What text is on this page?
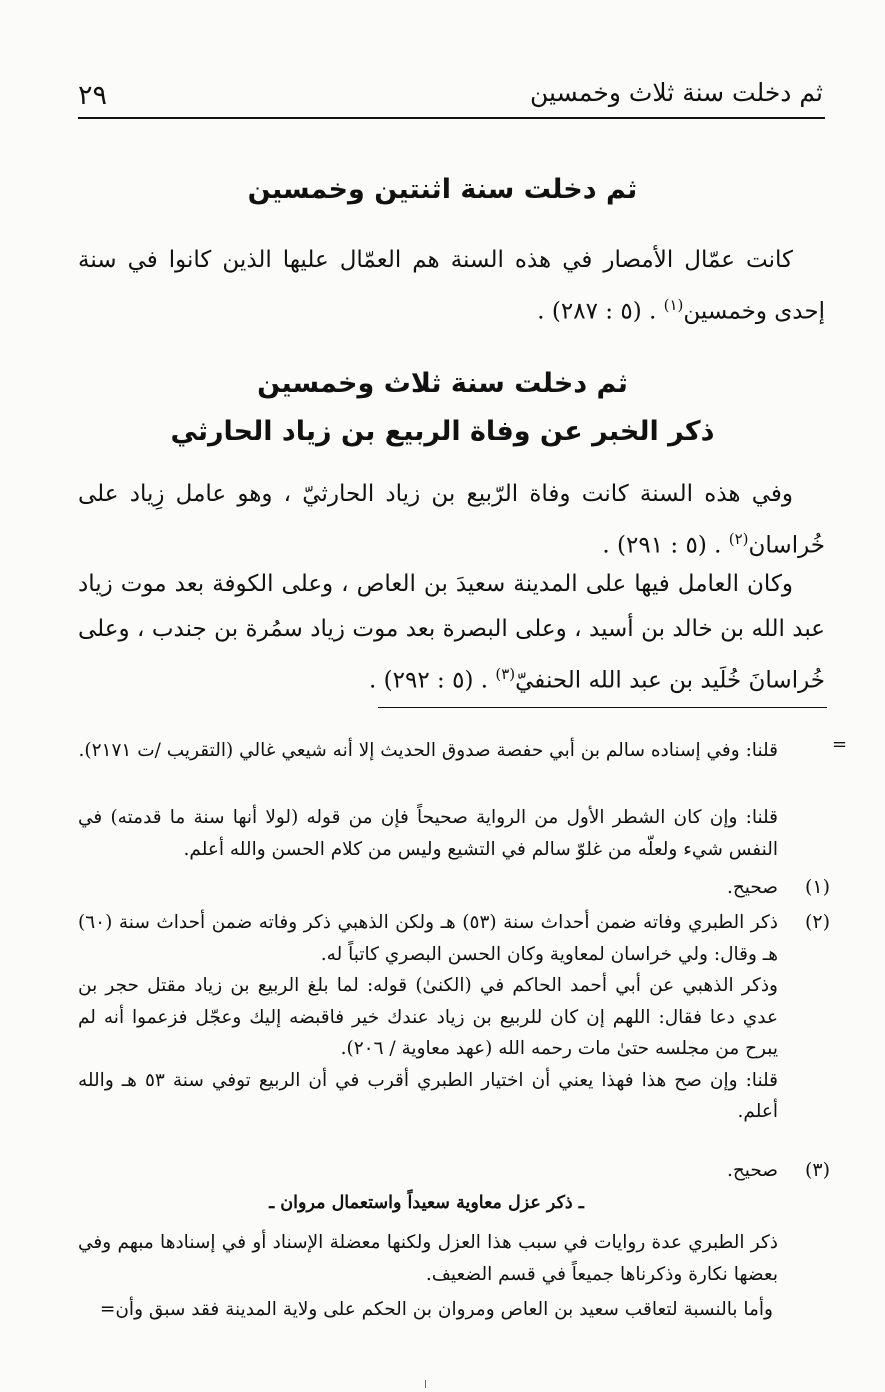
ثم دخلت سنة ثلاث وخمسين
٢٩
ثم دخلت سنة اثنتين وخمسين
كانت عمّال الأمصار في هذه السنة هم العمّال عليها الذين كانوا في سنة إحدى وخمسين$^{(١)}$ . (٥ : ٢٨٧) .
ثم دخلت سنة ثلاث وخمسين
ذكر الخبر عن وفاة الربيع بن زياد الحارثي
وفي هذه السنة كانت وفاة الرّبيع بن زياد الحارثيّ ، وهو عامل زِياد على خُراسان$^{(٢)}$ . (٥ : ٢٩١) .
وكان العامل فيها على المدينة سعيدَ بن العاص ، وعلى الكوفة بعد موت زياد عبد الله بن خالد بن أسيد ، وعلى البصرة بعد موت زياد سمُرة بن جندب ، وعلى خُراسانَ خُلَيد بن عبد الله الحنفيّ$^{(٣)}$ . (٥ : ٢٩٢) .
=
قلنا: وفي إسناده سالم بن أبي حفصة صدوق الحديث إلا أنه شيعي غالي (التقريب /ت ٢١٧١).
قلنا: وإن كان الشطر الأول من الرواية صحيحاً فإن من قوله (لولا أنها سنة ما قدمته) في النفس شيء ولعلّه من غلوّ سالم في التشيع وليس من كلام الحسن والله أعلم.
(١)
صحيح.
(٢)
ذكر الطبري وفاته ضمن أحداث سنة (٥٣) هـ ولكن الذهبي ذكر وفاته ضمن أحداث سنة (٦٠) هـ وقال: ولي خراسان لمعاوية وكان الحسن البصري كاتباً له.
وذكر الذهبي عن أبي أحمد الحاكم في (الكنىٰ) قوله: لما بلغ الربيع بن زياد مقتل حجر بن عدي دعا فقال: اللهم إن كان للربيع بن زياد عندك خير فاقبضه إليك وعجّل فزعموا أنه لم يبرح من مجلسه حتىٰ مات رحمه الله (عهد معاوية / ٢٠٦).
قلنا: وإن صح هذا فهذا يعني أن اختيار الطبري أقرب في أن الربيع توفي سنة ٥٣ هـ والله أعلم.
(٣)
صحيح.
ـ ذكر عزل معاوية سعيداً واستعمال مروان ـ
ذكر الطبري عدة روايات في سبب هذا العزل ولكنها معضلة الإسناد أو في إسنادها مبهم وفي بعضها نكارة وذكرناها جميعاً في قسم الضعيف.
وأما بالنسبة لتعاقب سعيد بن العاص ومروان بن الحكم على ولاية المدينة فقد سبق وأن=
